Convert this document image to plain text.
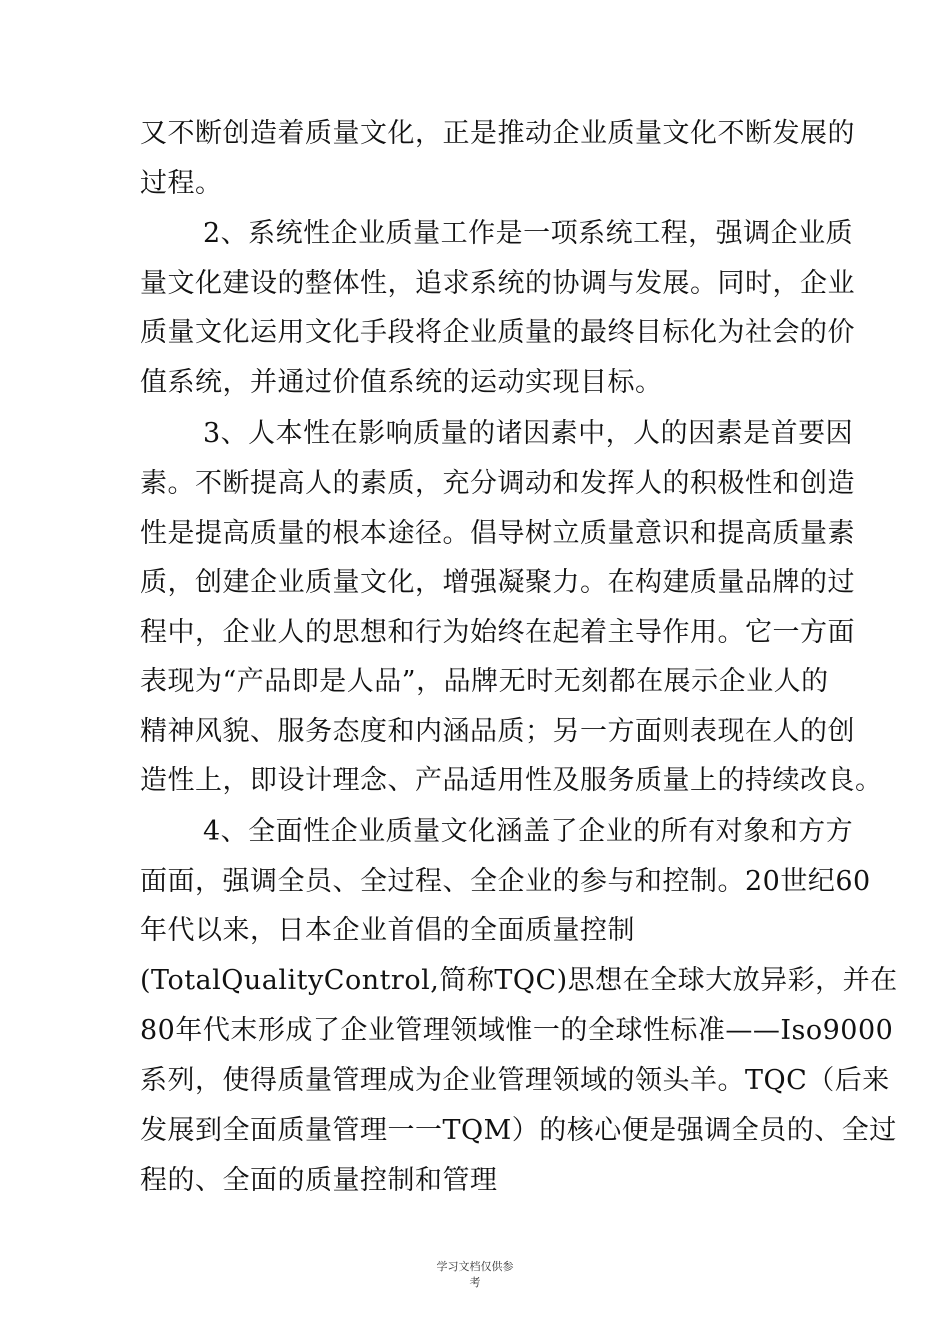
又不断创造着质量文化，正是推动企业质量文化不断发展的
过程。
2、系统性企业质量工作是一项系统工程，强调企业质
量文化建设的整体性，追求系统的协调与发展。同时，企业
质量文化运用文化手段将企业质量的最终目标化为社会的价
值系统，并通过价值系统的运动实现目标。
3、人本性在影响质量的诸因素中，人的因素是首要因
素。不断提高人的素质，充分调动和发挥人的积极性和创造
性是提高质量的根本途径。倡导树立质量意识和提高质量素
质，创建企业质量文化，增强凝聚力。在构建质量品牌的过
程中，企业人的思想和行为始终在起着主导作用。它一方面
表现为“产品即是人品”，品牌无时无刻都在展示企业人的
精神风貌、服务态度和内涵品质；另一方面则表现在人的创
造性上，即设计理念、产品适用性及服务质量上的持续改良。
4、全面性企业质量文化涵盖了企业的所有对象和方方
面面，强调全员、全过程、全企业的参与和控制。20世纪60
年代以来，日本企业首倡的全面质量控制
(TotalQualityControl,简称TQC)思想在全球大放异彩，并在
80年代末形成了企业管理领域惟一的全球性标准——Iso9000
系列，使得质量管理成为企业管理领域的领头羊。TQC（后来
发展到全面质量管理一一TQM）的核心便是强调全员的、全过
程的、全面的质量控制和管理
学习文档仅供参
考
